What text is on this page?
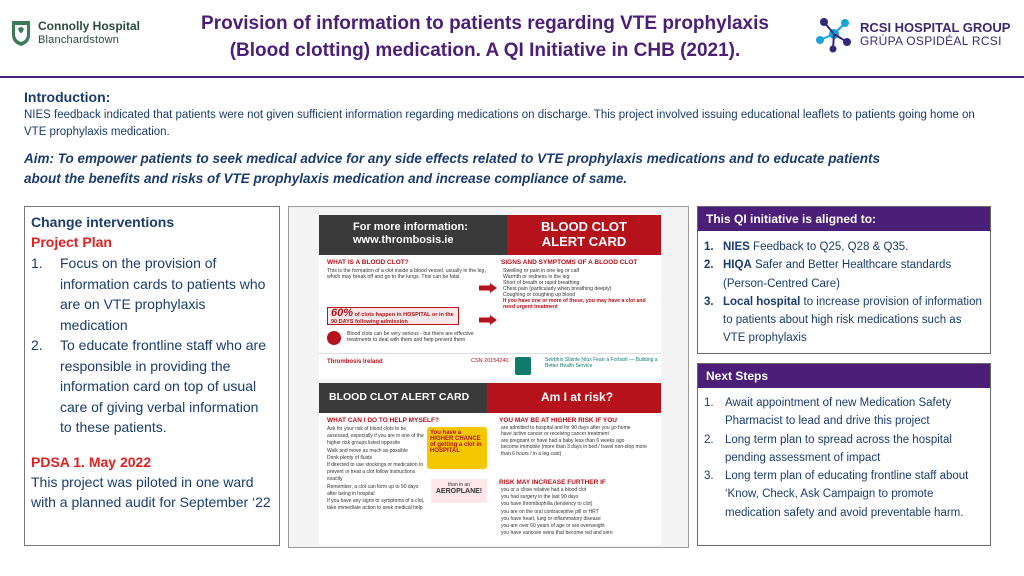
Connolly Hospital
Blanchardstown
Provision of information to patients regarding VTE prophylaxis
(Blood clotting) medication. A QI Initiative in CHB (2021).
RCSI HOSPITAL GROUP
GRÚPA OSPIDÉAL RCSI
Introduction:
NIES feedback indicated that patients were not given sufficient information regarding medications on discharge. This project involved issuing educational leaflets to patients going home on VTE prophylaxis medication.
Aim: To empower patients to seek medical advice for any side effects related to VTE prophylaxis medications and to educate patients about the benefits and risks of VTE prophylaxis medication and increase compliance of same.
Change interventions
Project Plan
1.	Focus on the provision of information cards to patients who are on VTE prophylaxis medication
2.	To educate frontline staff who are responsible in providing the information card on top of usual care of giving verbal information to these patients.
PDSA 1. May 2022
This project was piloted in one ward with a planned audit for September ‘22
For more information:
www.thrombosis.ie
BLOOD CLOT
ALERT CARD
WHAT IS A BLOOD CLOT?
This is the formation of a clot inside a blood vessel, usually in the leg, which may break off and go to the lungs. This can be fatal
60% of clots happen in HOSPITAL or in the 90 DAYS following admission
Blood clots can be very serious - but there are effective treatments to deal with them and help prevent them
SIGNS AND SYMPTOMS OF A BLOOD CLOT
Swelling or pain in one leg or calf
Warmth or redness in the leg
Short of breath or rapid breathing
Chest pain (particularly when breathing deeply)
Coughing or coughing up blood
If you have one or more of these, you may have a clot and need urgent treatment
Thrombosis Ireland	CSN 20154240	Seirbhís Sláinte Níos Fearr á Forbairt — Building a Better Health Service
BLOOD CLOT ALERT CARD	Am I at risk?
WHAT CAN I DO TO HELP MYSELF?
Ask for your risk of blood clots to be assessed, especially if you are in one of the higher risk groups listed opposite
Walk and move as much as possible
Drink plenty of fluids
If directed to use stockings or medication to prevent or treat a clot follow instructions exactly
Remember, a clot can form up to 90 days after being in hospital
If you have any signs or symptoms of a clot, take immediate action to seek medical help
You have a HIGHER CHANCE of getting a clot in HOSPITAL
than in an
AEROPLANE!
YOU MAY BE AT HIGHER RISK IF YOU
are admitted to hospital and for 90 days after you go home
have active cancer or receiving cancer treatment
are pregnant or have had a baby less than 6 weeks ago
become immobile (more than 3 days in bed / travel non-stop more than 6 hours / in a leg cast)
RISK MAY INCREASE FURTHER IF
you or a close relative had a blood clot
you had surgery in the last 90 days
you have thrombophilia (tendency to clot)
you are on the oral contraceptive pill or HRT
you have heart, lung or inflammatory disease
you are over 60 years of age or are overweight
you have varicose veins that become red and sore
This QI initiative is aligned to:
1. NIES Feedback to Q25, Q28 & Q35.
2. HIQA Safer and Better Healthcare standards (Person-Centred Care)
3. Local hospital to increase provision of information to patients about high risk medications such as VTE prophylaxis
Next Steps
1. Await appointment of new Medication Safety Pharmacist to lead and drive this project
2. Long term plan to spread across the hospital pending assessment of impact
3. Long term plan of educating frontline staff about ‘Know, Check, Ask Campaign to promote medication safety and avoid preventable harm.
